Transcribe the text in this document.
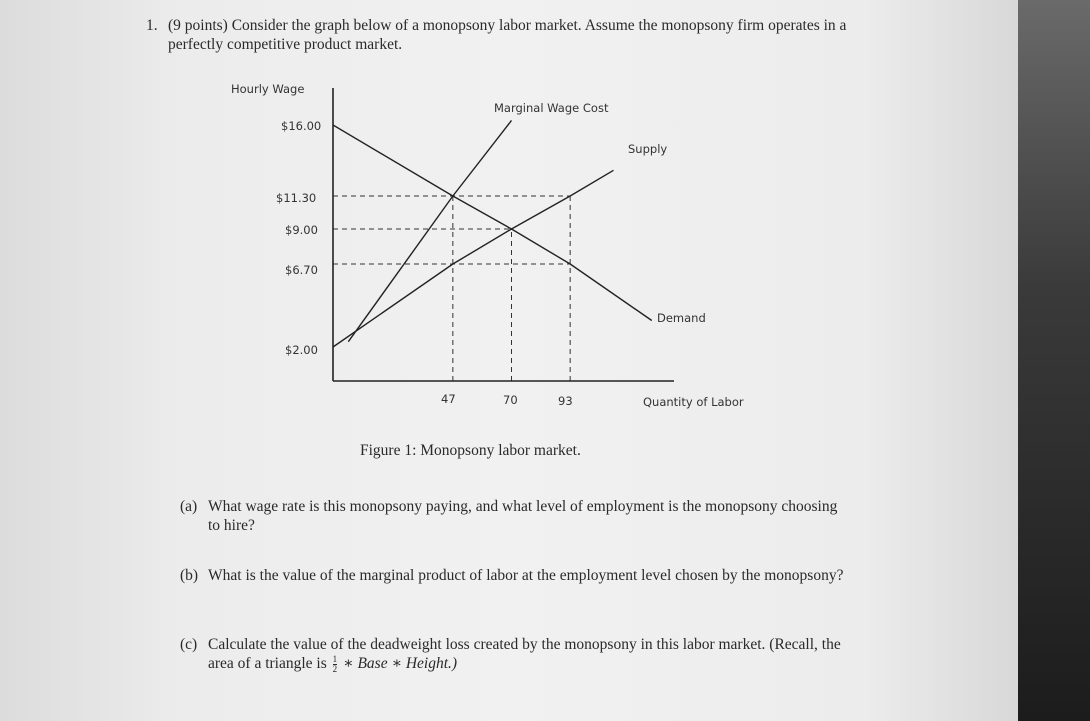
1. (9 points) Consider the graph below of a monopsony labor market. Assume the monopsony firm operates in a perfectly competitive product market.
Hourly Wage
Quantity of Labor
$16.00
$11.30
$9.00
$6.70
$2.00
47	70	93
Marginal Wage Cost
Supply
Demand
Figure 1: Monopsony labor market.
(a) What wage rate is this monopsony paying, and what level of employment is the monopsony choosing to hire?
(b) What is the value of the marginal product of labor at the employment level chosen by the monopsony?
(c) Calculate the value of the deadweight loss created by the monopsony in this labor market. (Recall, the area of a triangle is $\frac{1}{2}$ ∗ Base ∗ Height.)
